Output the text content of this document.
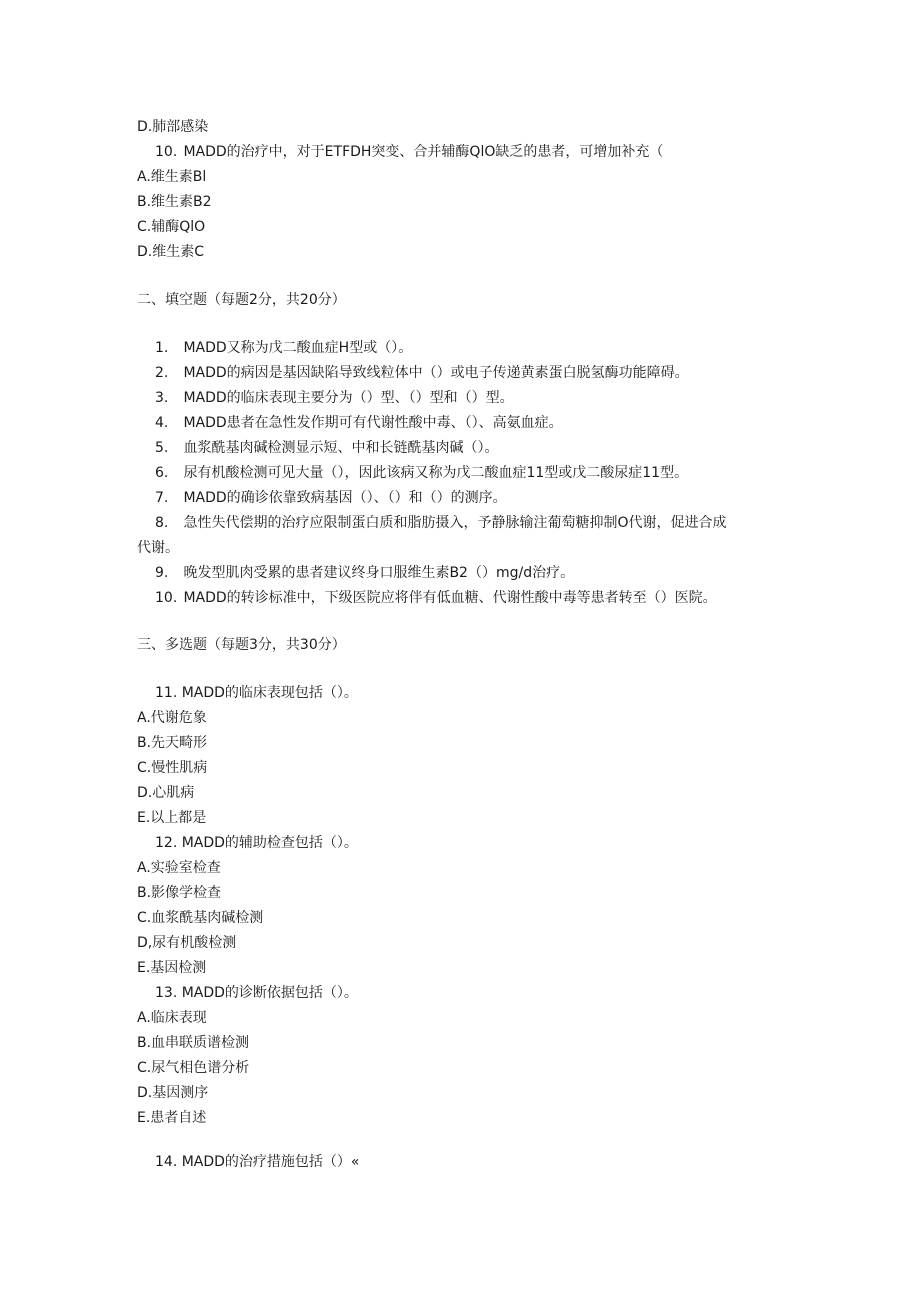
D.肺部感染
10. MADD的治疗中，对于ETFDH突变、合并辅酶QlO缺乏的患者，可增加补充（
A.维生素Bl
B.维生素B2
C.辅酶QlO
D.维生素C
二、填空题（每题2分，共20分）
1. MADD又称为戊二酸血症H型或（）。
2. MADD的病因是基因缺陷导致线粒体中（）或电子传递黄素蛋白脱氢酶功能障碍。
3. MADD的临床表现主要分为（）型、（）型和（）型。
4. MADD患者在急性发作期可有代谢性酸中毒、（）、高氨血症。
5. 血浆酰基肉碱检测显示短、中和长链酰基肉碱（）。
6. 尿有机酸检测可见大量（），因此该病又称为戊二酸血症11型或戊二酸尿症11型。
7. MADD的确诊依靠致病基因（）、（）和（）的测序。
8. 急性失代偿期的治疗应限制蛋白质和脂肪摄入，予静脉输注葡萄糖抑制O代谢，促进合成
代谢。
9. 晚发型肌肉受累的患者建议终身口服维生素B2（）mg/d治疗。
10. MADD的转诊标准中，下级医院应将伴有低血糖、代谢性酸中毒等患者转至（）医院。
三、多选题（每题3分，共30分）
11. MADD的临床表现包括（）。
A.代谢危象
B.先天畸形
C.慢性肌病
D.心肌病
E.以上都是
12. MADD的辅助检查包括（）。
A.实验室检查
B.影像学检查
C.血浆酰基肉碱检测
D,尿有机酸检测
E.基因检测
13. MADD的诊断依据包括（）。
A.临床表现
B.血串联质谱检测
C.尿气相色谱分析
D.基因测序
E.患者自述
14. MADD的治疗措施包括（）«
